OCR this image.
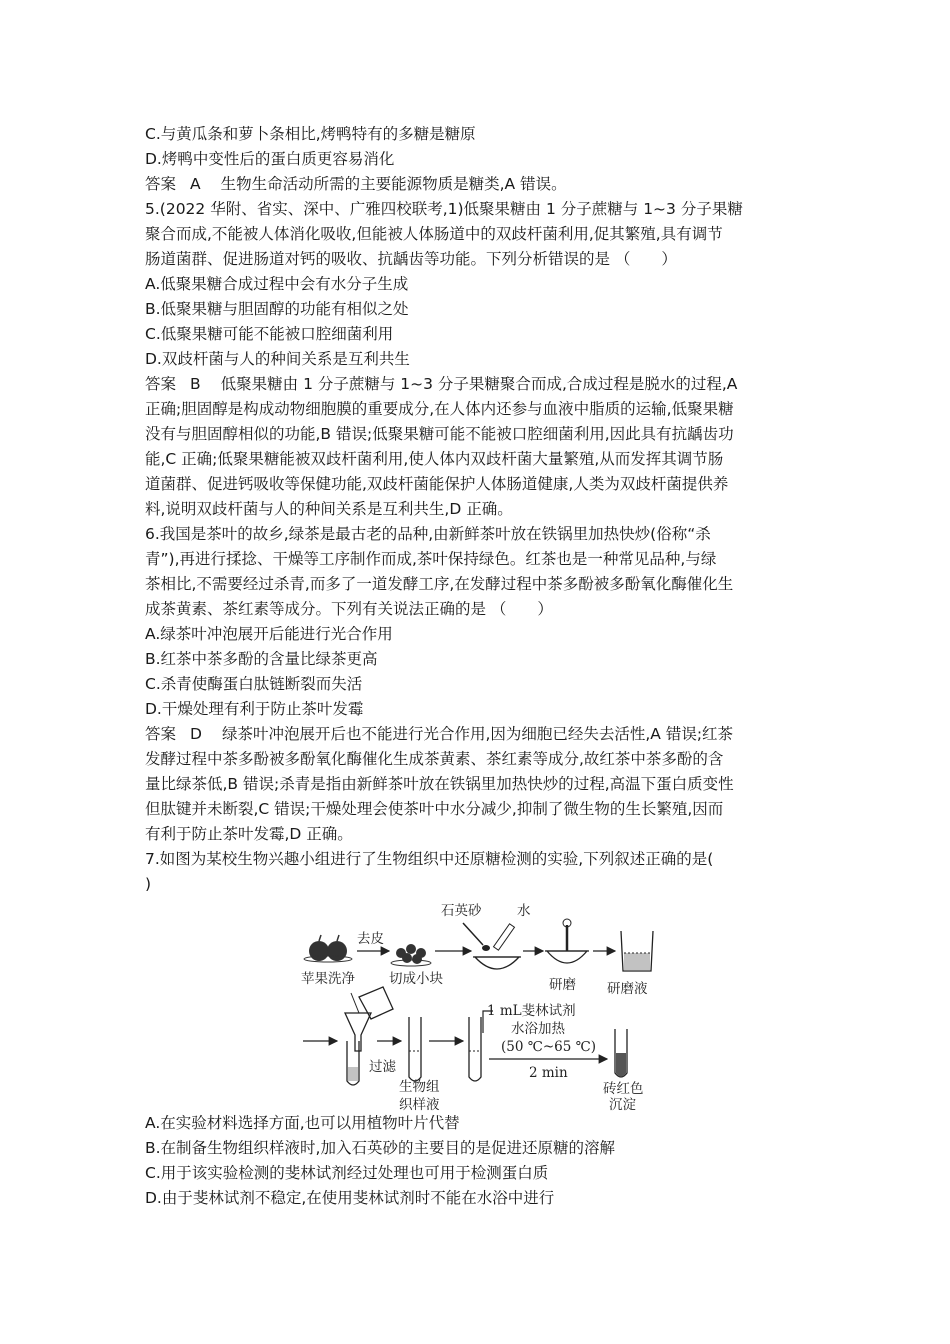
C.与黄瓜条和萝卜条相比,烤鸭特有的多糖是糖原
D.烤鸭中变性后的蛋白质更容易消化
答案 A 生物生命活动所需的主要能源物质是糖类,A 错误。
5.(2022 华附、省实、深中、广雅四校联考,1)低聚果糖由 1 分子蔗糖与 1~3 分子果糖
聚合而成,不能被人体消化吸收,但能被人体肠道中的双歧杆菌利用,促其繁殖,具有调节
肠道菌群、促进肠道对钙的吸收、抗龋齿等功能。下列分析错误的是 （　　）
A.低聚果糖合成过程中会有水分子生成
B.低聚果糖与胆固醇的功能有相似之处
C.低聚果糖可能不能被口腔细菌利用
D.双歧杆菌与人的种间关系是互利共生
答案 B 低聚果糖由 1 分子蔗糖与 1~3 分子果糖聚合而成,合成过程是脱水的过程,A
正确;胆固醇是构成动物细胞膜的重要成分,在人体内还参与血液中脂质的运输,低聚果糖
没有与胆固醇相似的功能,B 错误;低聚果糖可能不能被口腔细菌利用,因此具有抗龋齿功
能,C 正确;低聚果糖能被双歧杆菌利用,使人体内双歧杆菌大量繁殖,从而发挥其调节肠
道菌群、促进钙吸收等保健功能,双歧杆菌能保护人体肠道健康,人类为双歧杆菌提供养
料,说明双歧杆菌与人的种间关系是互利共生,D 正确。
6.我国是茶叶的故乡,绿茶是最古老的品种,由新鲜茶叶放在铁锅里加热快炒(俗称“杀
青”),再进行揉捻、干燥等工序制作而成,茶叶保持绿色。红茶也是一种常见品种,与绿
茶相比,不需要经过杀青,而多了一道发酵工序,在发酵过程中茶多酚被多酚氧化酶催化生
成茶黄素、茶红素等成分。下列有关说法正确的是 （　　）
A.绿茶叶冲泡展开后能进行光合作用
B.红茶中茶多酚的含量比绿茶更高
C.杀青使酶蛋白肽链断裂而失活
D.干燥处理有利于防止茶叶发霉
答案 D 绿茶叶冲泡展开后也不能进行光合作用,因为细胞已经失去活性,A 错误;红茶
发酵过程中茶多酚被多酚氧化酶催化生成茶黄素、茶红素等成分,故红茶中茶多酚的含
量比绿茶低,B 错误;杀青是指由新鲜茶叶放在铁锅里加热快炒的过程,高温下蛋白质变性
但肽键并未断裂,C 错误;干燥处理会使茶叶中水分减少,抑制了微生物的生长繁殖,因而
有利于防止茶叶发霉,D 正确。
7.如图为某校生物兴趣小组进行了生物组织中还原糖检测的实验,下列叙述正确的是(
)
苹果洗净
去皮
切成小块
石英砂	水
研磨 研磨液
过滤
生物组
织样液
1 mL斐林试剂
水浴加热
(50 ℃~65 ℃)
2 min
砖红色
沉淀
A.在实验材料选择方面,也可以用植物叶片代替
B.在制备生物组织样液时,加入石英砂的主要目的是促进还原糖的溶解
C.用于该实验检测的斐林试剂经过处理也可用于检测蛋白质
D.由于斐林试剂不稳定,在使用斐林试剂时不能在水浴中进行
